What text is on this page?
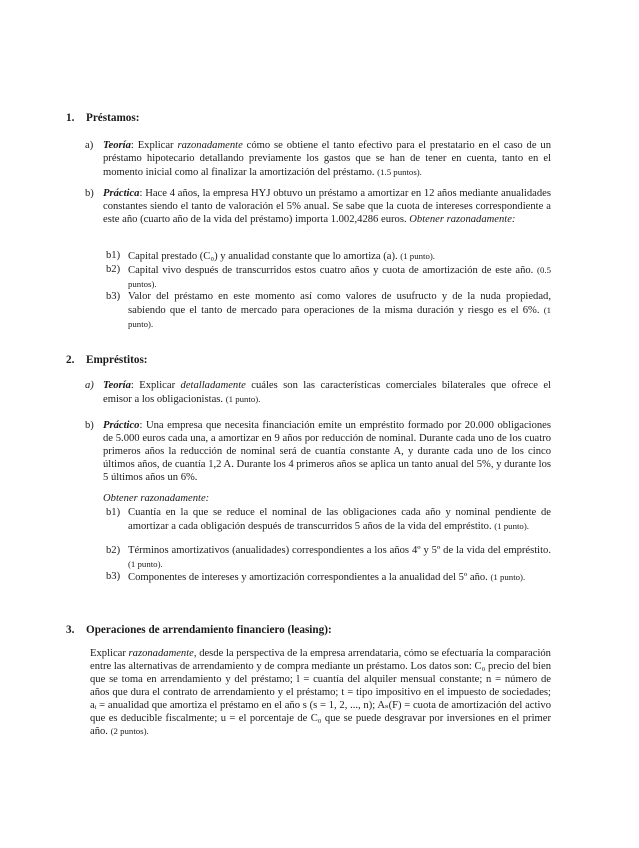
1. Préstamos:
a) Teoría: Explicar razonadamente cómo se obtiene el tanto efectivo para el prestatario en el caso de un préstamo hipotecario detallando previamente los gastos que se han de tener en cuenta, tanto en el momento inicial como al finalizar la amortización del préstamo. (1.5 puntos).
b) Práctica: Hace 4 años, la empresa HYJ obtuvo un préstamo a amortizar en 12 años mediante anualidades constantes siendo el tanto de valoración el 5% anual. Se sabe que la cuota de intereses correspondiente a este año (cuarto año de la vida del préstamo) importa 1.002,4286 euros. Obtener razonadamente:
b1) Capital prestado (C₀) y anualidad constante que lo amortiza (a). (1 punto).
b2) Capital vivo después de transcurridos estos cuatro años y cuota de amortización de este año. (0.5 puntos).
b3) Valor del préstamo en este momento así como valores de usufructo y de la nuda propiedad, sabiendo que el tanto de mercado para operaciones de la misma duración y riesgo es el 6%. (1 punto).
2. Empréstitos:
a) Teoría: Explicar detalladamente cuáles son las características comerciales bilaterales que ofrece el emisor a los obligacionistas. (1 punto).
b) Práctico: Una empresa que necesita financiación emite un empréstito formado por 20.000 obligaciones de 5.000 euros cada una, a amortizar en 9 años por reducción de nominal. Durante cada uno de los cuatro primeros años la reducción de nominal será de cuantía constante A, y durante cada uno de los cinco últimos años, de cuantía 1,2 A. Durante los 4 primeros años se aplica un tanto anual del 5%, y durante los 5 últimos años un 6%.
Obtener razonadamente:
b1) Cuantía en la que se reduce el nominal de las obligaciones cada año y nominal pendiente de amortizar a cada obligación después de transcurridos 5 años de la vida del empréstito. (1 punto).
b2) Términos amortizativos (anualidades) correspondientes a los años 4º y 5º de la vida del empréstito. (1 punto).
b3) Componentes de intereses y amortización correspondientes a la anualidad del 5º año. (1 punto).
3. Operaciones de arrendamiento financiero (leasing):
Explicar razonadamente, desde la perspectiva de la empresa arrendataria, cómo se efectuaría la comparación entre las alternativas de arrendamiento y de compra mediante un préstamo. Los datos son: C₀ precio del bien que se toma en arrendamiento y del préstamo; l = cuantía del alquiler mensual constante; n = número de años que dura el contrato de arrendamiento y el préstamo; t = tipo impositivo en el impuesto de sociedades; aᵢ = anualidad que amortiza el préstamo en el año s (s = 1, 2, ..., n); Aₛ(F) = cuota de amortización del activo que es deducible fiscalmente; u = el porcentaje de C₀ que se puede desgravar por inversiones en el primer año. (2 puntos).
